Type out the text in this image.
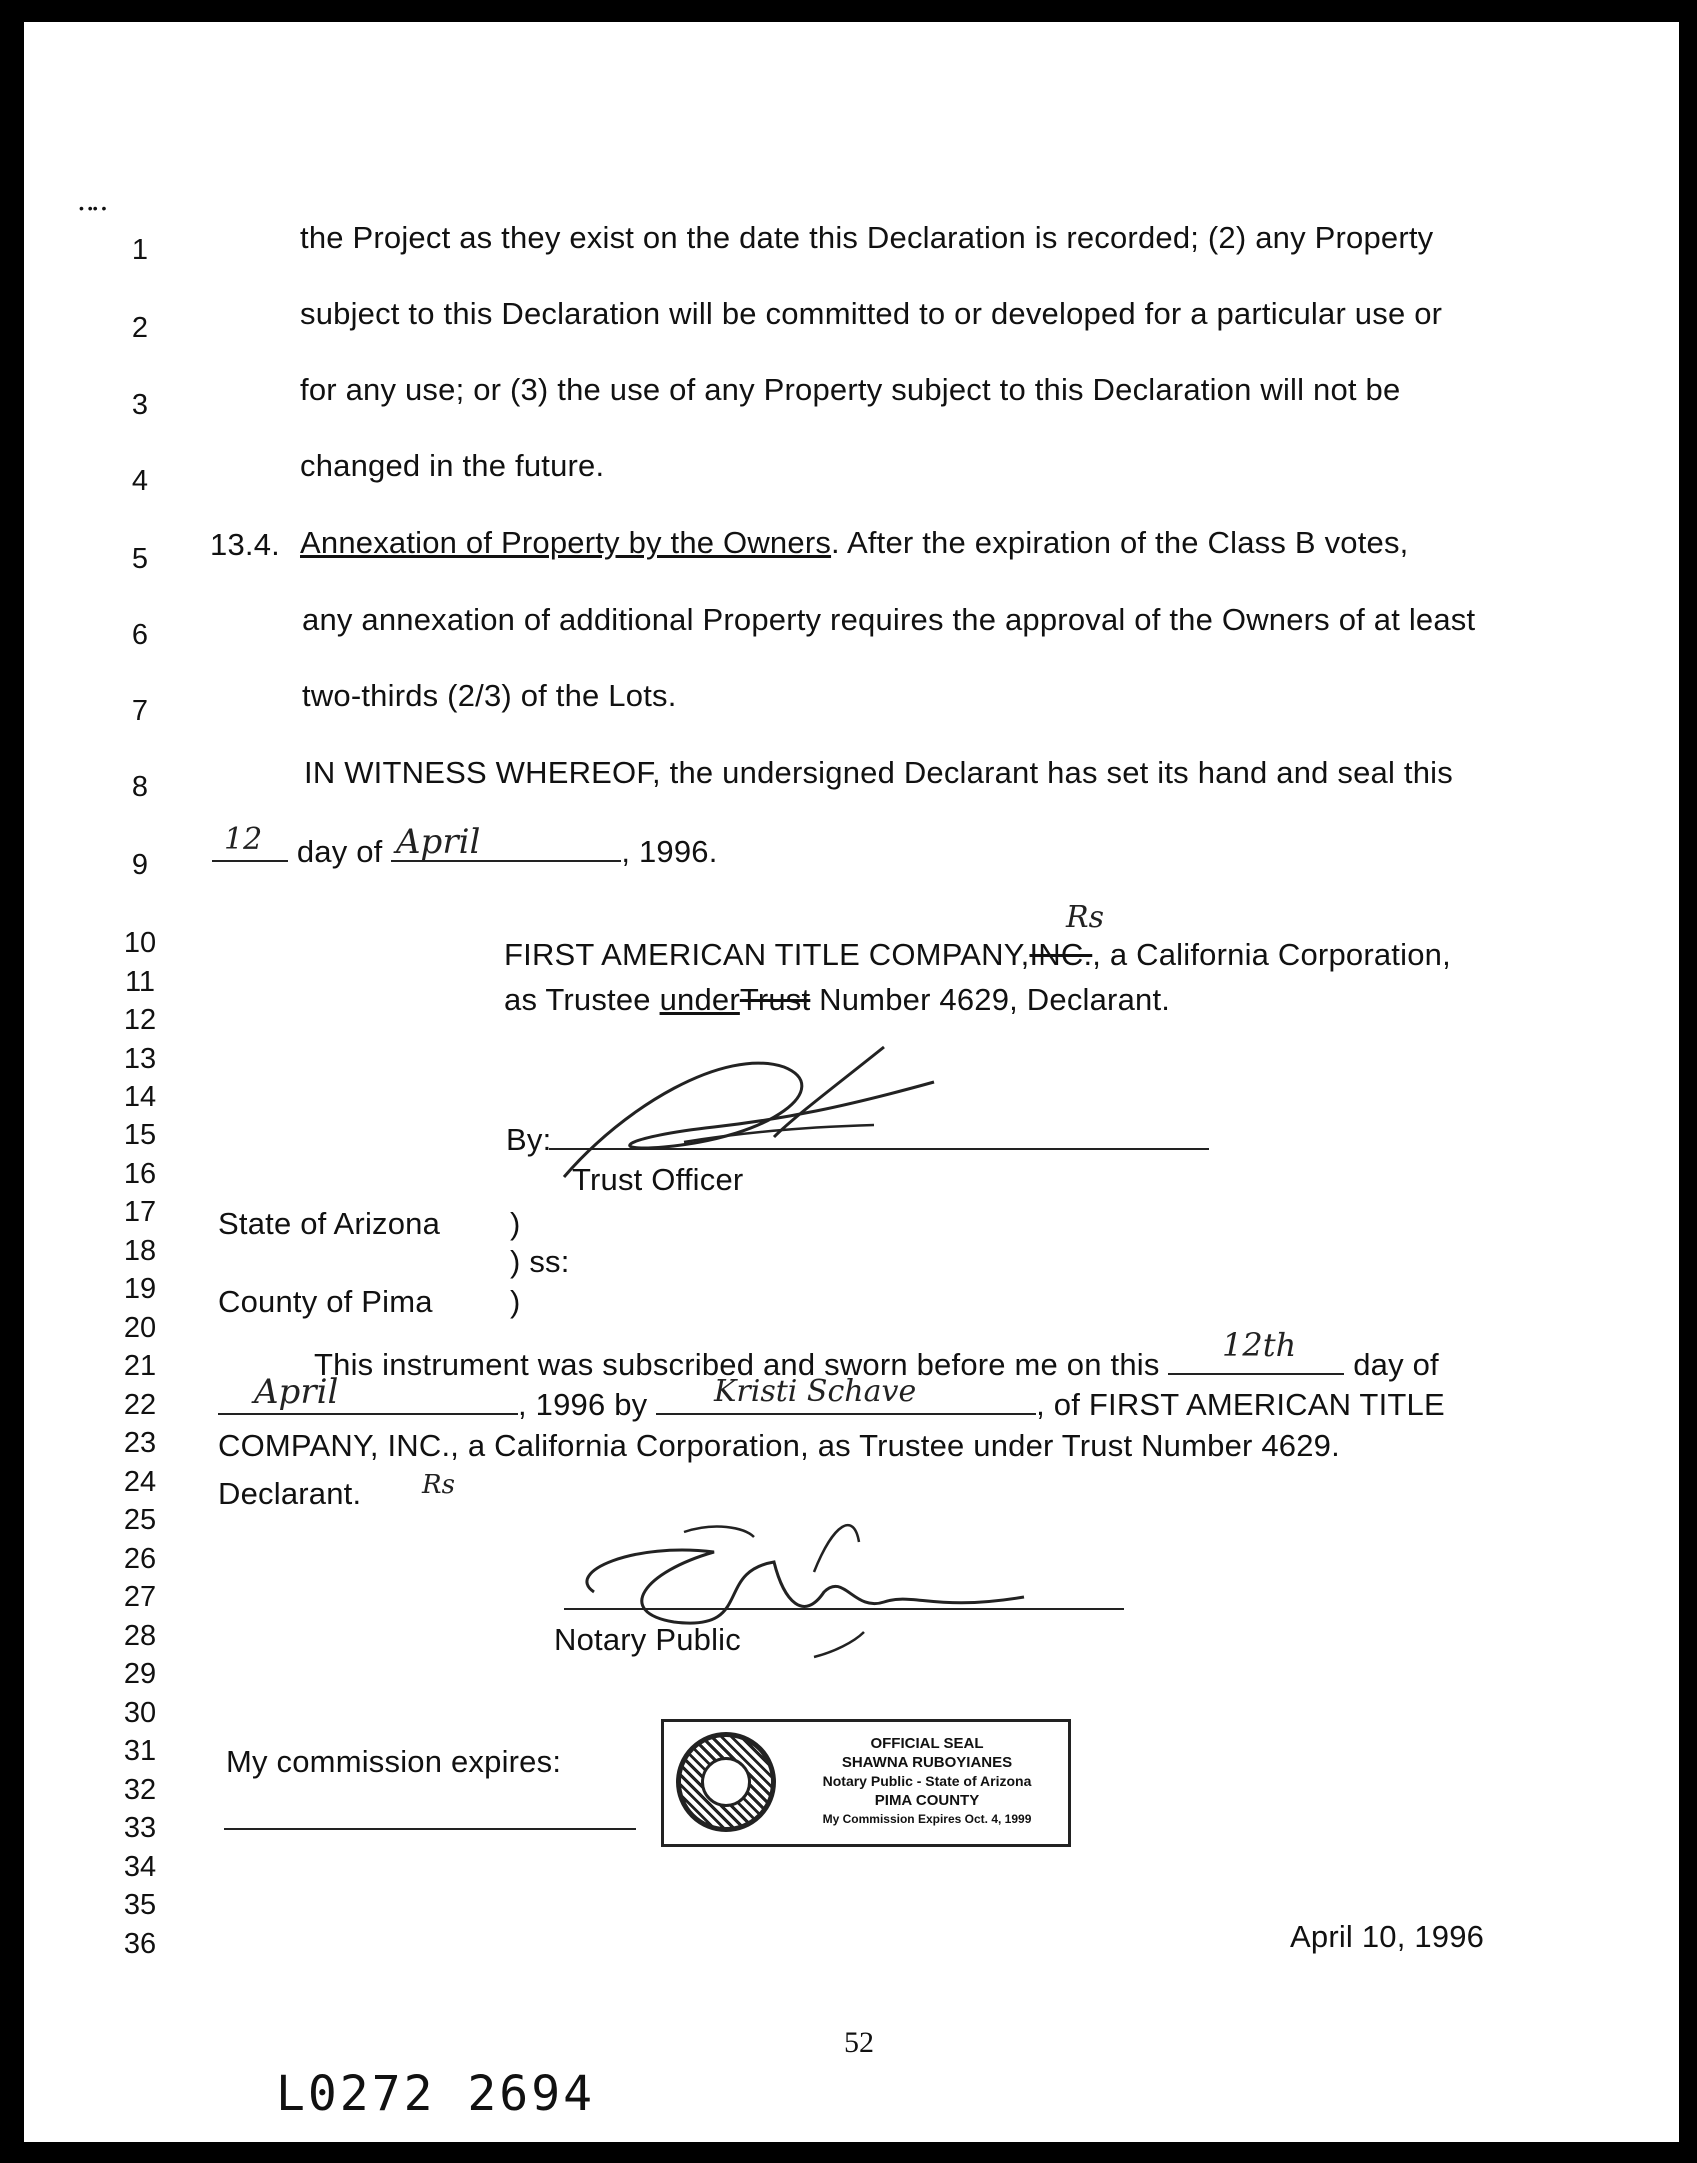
1
2
3
4
5
6
7
8
9
10
11
12
13
14
15
16
17
18
19
20
21
22
23
24
25
26
27
28
29
30
31
32
33
34
35
36
• •• •
the Project as they exist on the date this Declaration is recorded; (2) any Property
subject to this Declaration will be committed to or developed for a particular use or
for any use; or (3) the use of any Property subject to this Declaration will not be
changed in the future.
13.4. Annexation of Property by the Owners. After the expiration of the Class B votes,
any annexation of additional Property requires the approval of the Owners of at least
two-thirds (2/3) of the Lots.
IN WITNESS WHEREOF, the undersigned Declarant has set its hand and seal this
day of	, 1996.
12	April
FIRST AMERICAN TITLE COMPANY,INC., a California Corporation,
Rs
as Trustee underTrust Number 4629, Declarant.
By:
Trust Officer
State of Arizona )
) ss:
County of Pima )
This instrument was subscribed and sworn before me on this	day of
12th
, 1996 by	, of FIRST AMERICAN TITLE
April	Kristi Schave
COMPANY, INC., a California Corporation, as Trustee under Trust Number 4629.
Declarant. Rs
Notary Public
My commission expires:
OFFICIAL SEAL
SHAWNA RUBOYIANES
Notary Public - State of Arizona
PIMA COUNTY
My Commission Expires Oct. 4, 1999
April 10, 1996
52
L0272 2694
